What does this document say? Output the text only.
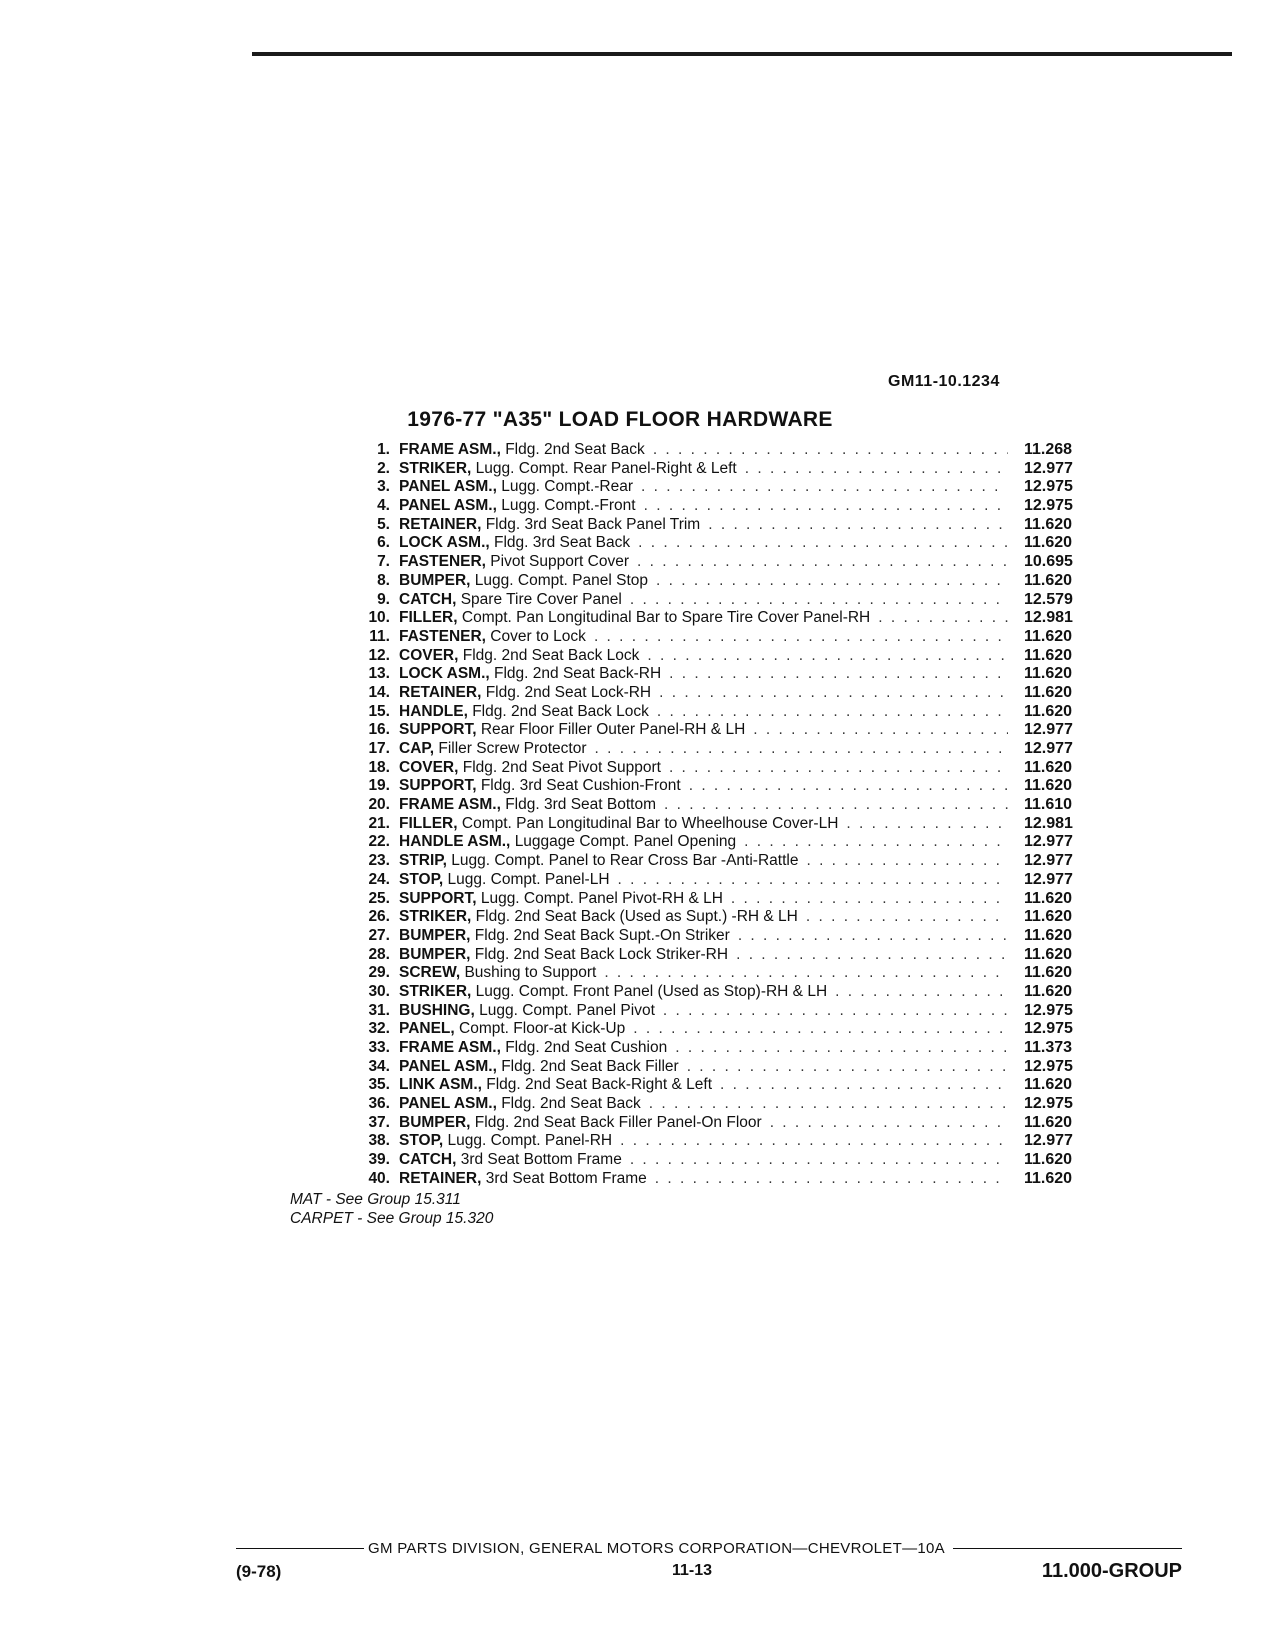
GM11-10.1234
1976-77 "A35" LOAD FLOOR HARDWARE
1. FRAME ASM., Fldg. 2nd Seat Back . . .	11.268
2. STRIKER, Lugg. Compt. Rear Panel-Right & Left . . .	12.977
3. PANEL ASM., Lugg. Compt.-Rear . . .	12.975
4. PANEL ASM., Lugg. Compt.-Front . . .	12.975
5. RETAINER, Fldg. 3rd Seat Back Panel Trim . . .	11.620
6. LOCK ASM., Fldg. 3rd Seat Back . . .	11.620
7. FASTENER, Pivot Support Cover . . .	10.695
8. BUMPER, Lugg. Compt. Panel Stop . . .	11.620
9. CATCH, Spare Tire Cover Panel . . .	12.579
10. FILLER, Compt. Pan Longitudinal Bar to Spare Tire Cover Panel-RH . . .	12.981
11. FASTENER, Cover to Lock . . .	11.620
12. COVER, Fldg. 2nd Seat Back Lock . . .	11.620
13. LOCK ASM., Fldg. 2nd Seat Back-RH . . .	11.620
14. RETAINER, Fldg. 2nd Seat Lock-RH . . .	11.620
15. HANDLE, Fldg. 2nd Seat Back Lock . . .	11.620
16. SUPPORT, Rear Floor Filler Outer Panel-RH & LH . . .	12.977
17. CAP, Filler Screw Protector . . .	12.977
18. COVER, Fldg. 2nd Seat Pivot Support . . .	11.620
19. SUPPORT, Fldg. 3rd Seat Cushion-Front . . .	11.620
20. FRAME ASM., Fldg. 3rd Seat Bottom . . .	11.610
21. FILLER, Compt. Pan Longitudinal Bar to Wheelhouse Cover-LH . . .	12.981
22. HANDLE ASM., Luggage Compt. Panel Opening . . .	12.977
23. STRIP, Lugg. Compt. Panel to Rear Cross Bar -Anti-Rattle . . .	12.977
24. STOP, Lugg. Compt. Panel-LH . . .	12.977
25. SUPPORT, Lugg. Compt. Panel Pivot-RH & LH . . .	11.620
26. STRIKER, Fldg. 2nd Seat Back (Used as Supt.) -RH & LH . . .	11.620
27. BUMPER, Fldg. 2nd Seat Back Supt.-On Striker . . .	11.620
28. BUMPER, Fldg. 2nd Seat Back Lock Striker-RH . . .	11.620
29. SCREW, Bushing to Support . . .	11.620
30. STRIKER, Lugg. Compt. Front Panel (Used as Stop)-RH & LH . . .	11.620
31. BUSHING, Lugg. Compt. Panel Pivot . . .	12.975
32. PANEL, Compt. Floor-at Kick-Up . . .	12.975
33. FRAME ASM., Fldg. 2nd Seat Cushion . . .	11.373
34. PANEL ASM., Fldg. 2nd Seat Back Filler . . .	12.975
35. LINK ASM., Fldg. 2nd Seat Back-Right & Left . . .	11.620
36. PANEL ASM., Fldg. 2nd Seat Back . . .	12.975
37. BUMPER, Fldg. 2nd Seat Back Filler Panel-On Floor . . .	11.620
38. STOP, Lugg. Compt. Panel-RH . . .	12.977
39. CATCH, 3rd Seat Bottom Frame . . .	11.620
40. RETAINER, 3rd Seat Bottom Frame . . .	11.620
MAT - See Group 15.311
CARPET - See Group 15.320
GM PARTS DIVISION, GENERAL MOTORS CORPORATION—CHEVROLET—10A
(9-78)	11-13	11.000-GROUP
